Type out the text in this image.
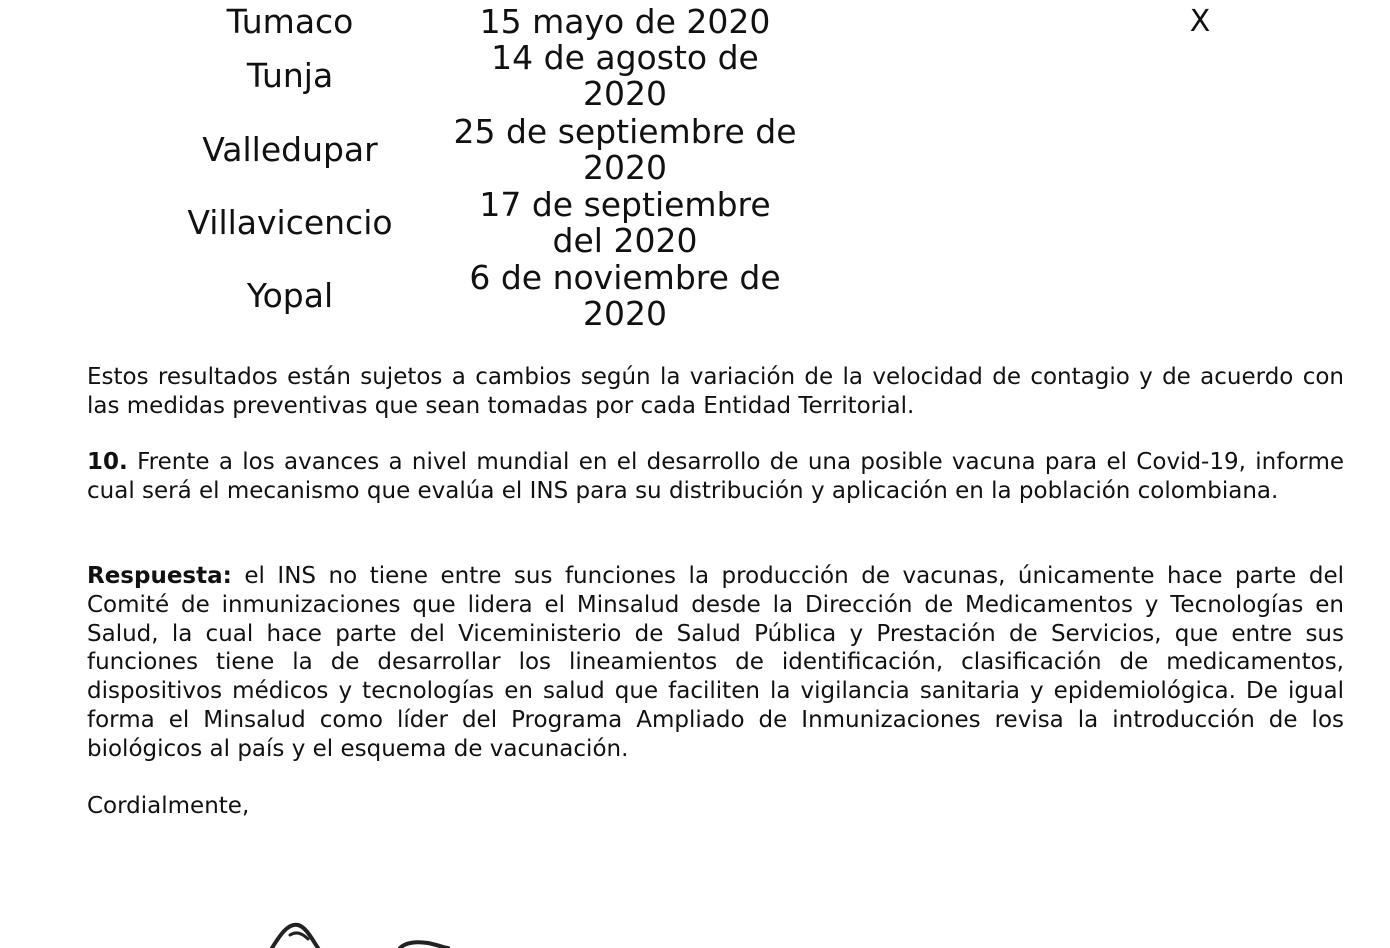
Tumaco	15 mayo de 2020	X
Tunja	14 de agosto de
2020
Valledupar	25 de septiembre de
2020
Villavicencio	17 de septiembre
del 2020
Yopal	6 de noviembre de
2020
Estos resultados están sujetos a cambios según la variación de la velocidad de contagio y de acuerdo con las medidas preventivas que sean tomadas por cada Entidad Territorial.
10. Frente a los avances a nivel mundial en el desarrollo de una posible vacuna para el Covid-19, informe cual será el mecanismo que evalúa el INS para su distribución y aplicación en la población colombiana.
Respuesta: el INS no tiene entre sus funciones la producción de vacunas, únicamente hace parte del Comité de inmunizaciones que lidera el Minsalud desde la Dirección de Medicamentos y Tecnologías en Salud, la cual hace parte del Viceministerio de Salud Pública y Prestación de Servicios, que entre sus funciones tiene la de desarrollar los lineamientos de identificación, clasificación de medicamentos, dispositivos médicos y tecnologías en salud que faciliten la vigilancia sanitaria y epidemiológica. De igual forma el Minsalud como líder del Programa Ampliado de Inmunizaciones revisa la introducción de los biológicos al país y el esquema de vacunación.
Cordialmente,
